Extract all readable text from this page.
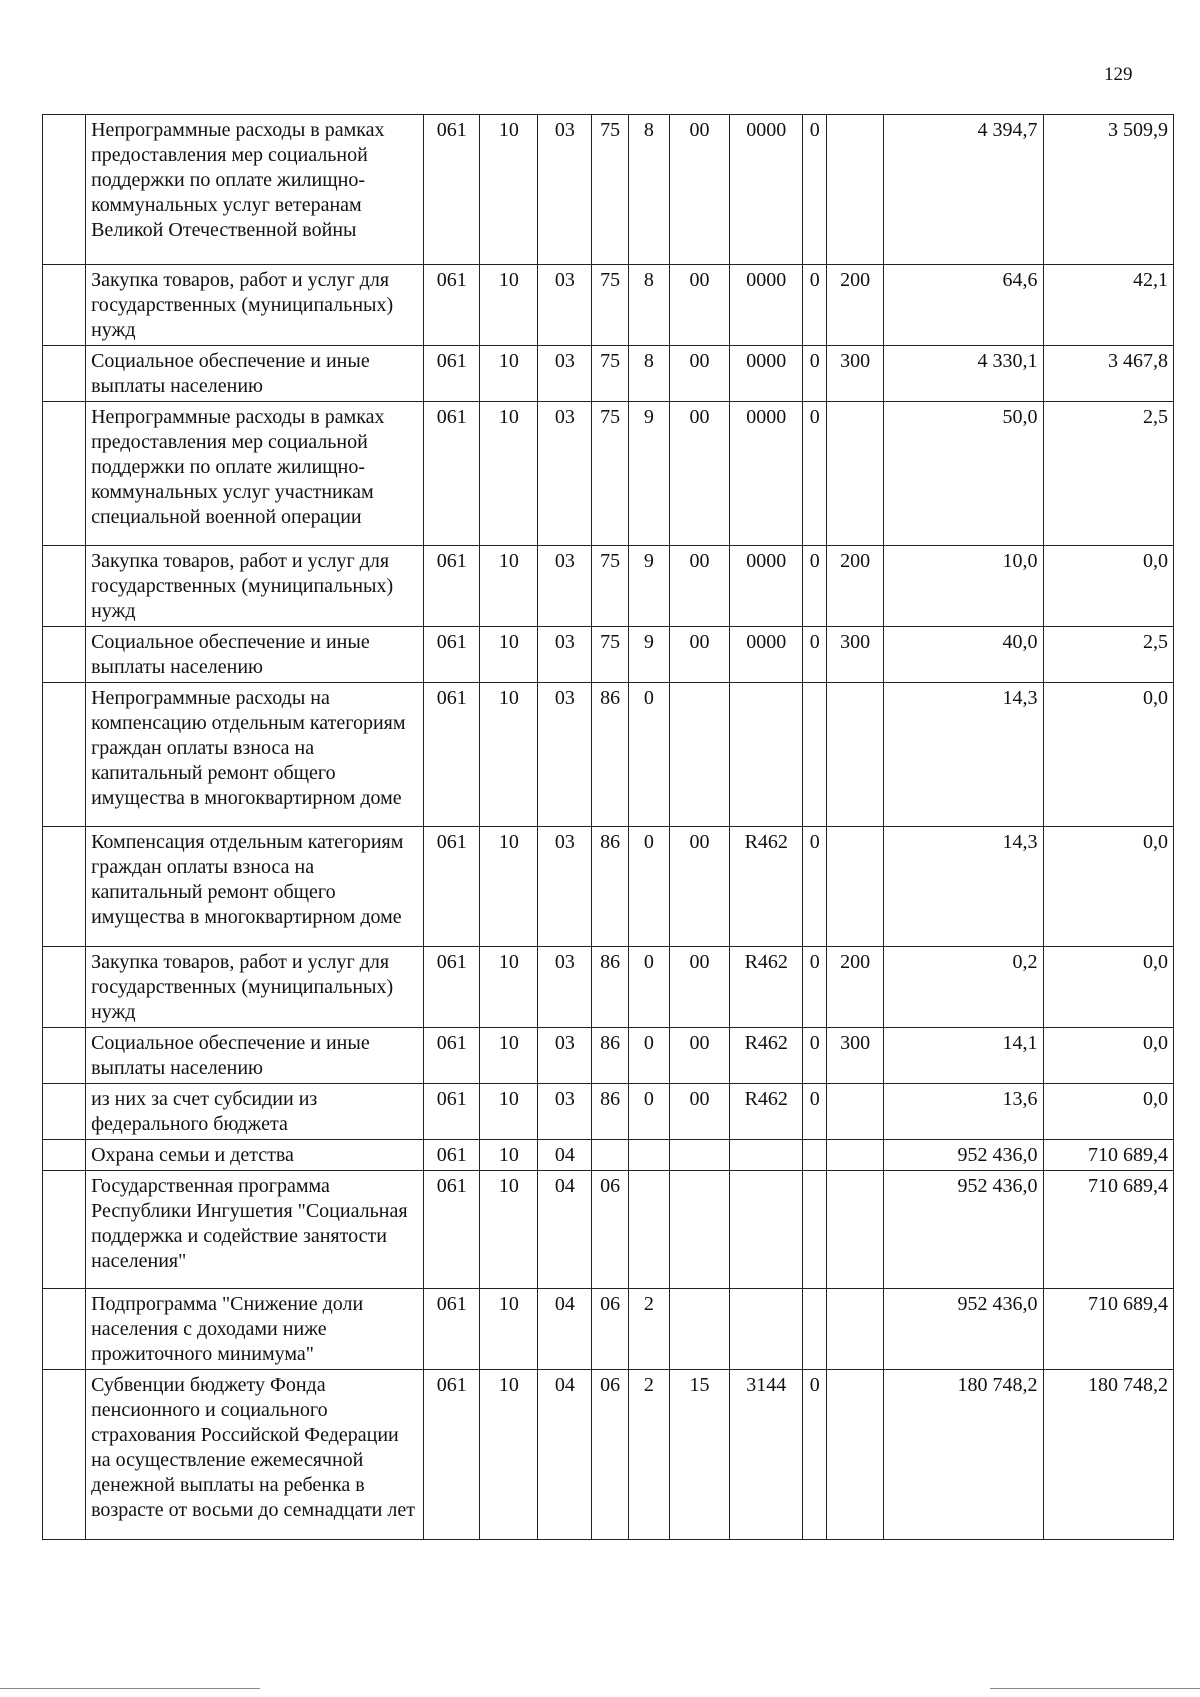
129
	Непрограммные расходы в рамках предоставления мер социальной поддержки по оплате жилищно-коммунальных услуг ветеранам Великой Отечественной войны	061	10	03	75	8	00	0000	0		4 394,7	3 509,9
	Закупка товаров, работ и услуг для государственных (муниципальных) нужд	061	10	03	75	8	00	0000	0	200	64,6	42,1
	Социальное обеспечение и иные выплаты населению	061	10	03	75	8	00	0000	0	300	4 330,1	3 467,8
	Непрограммные расходы в рамках предоставления мер социальной поддержки по оплате жилищно-коммунальных услуг участникам специальной военной операции	061	10	03	75	9	00	0000	0		50,0	2,5
	Закупка товаров, работ и услуг для государственных (муниципальных) нужд	061	10	03	75	9	00	0000	0	200	10,0	0,0
	Социальное обеспечение и иные выплаты населению	061	10	03	75	9	00	0000	0	300	40,0	2,5
	Непрограммные расходы на компенсацию отдельным категориям граждан оплаты взноса на капитальный ремонт общего имущества в многоквартирном доме	061	10	03	86	0					14,3	0,0
	Компенсация отдельным категориям граждан оплаты взноса на капитальный ремонт общего имущества в многоквартирном доме	061	10	03	86	0	00	R462	0		14,3	0,0
	Закупка товаров, работ и услуг для государственных (муниципальных) нужд	061	10	03	86	0	00	R462	0	200	0,2	0,0
	Социальное обеспечение и иные выплаты населению	061	10	03	86	0	00	R462	0	300	14,1	0,0
	из них за счет субсидии из федерального бюджета	061	10	03	86	0	00	R462	0		13,6	0,0
	Охрана семьи и детства	061	10	04							952 436,0	710 689,4
	Государственная программа Республики Ингушетия "Социальная поддержка и содействие занятости населения"	061	10	04	06						952 436,0	710 689,4
	Подпрограмма "Снижение доли населения с доходами ниже прожиточного минимума"	061	10	04	06	2					952 436,0	710 689,4
	Субвенции бюджету Фонда пенсионного и социального страхования Российской Федерации на осуществление ежемесячной денежной выплаты на ребенка в возрасте от восьми до семнадцати лет	061	10	04	06	2	15	3144	0		180 748,2	180 748,2
